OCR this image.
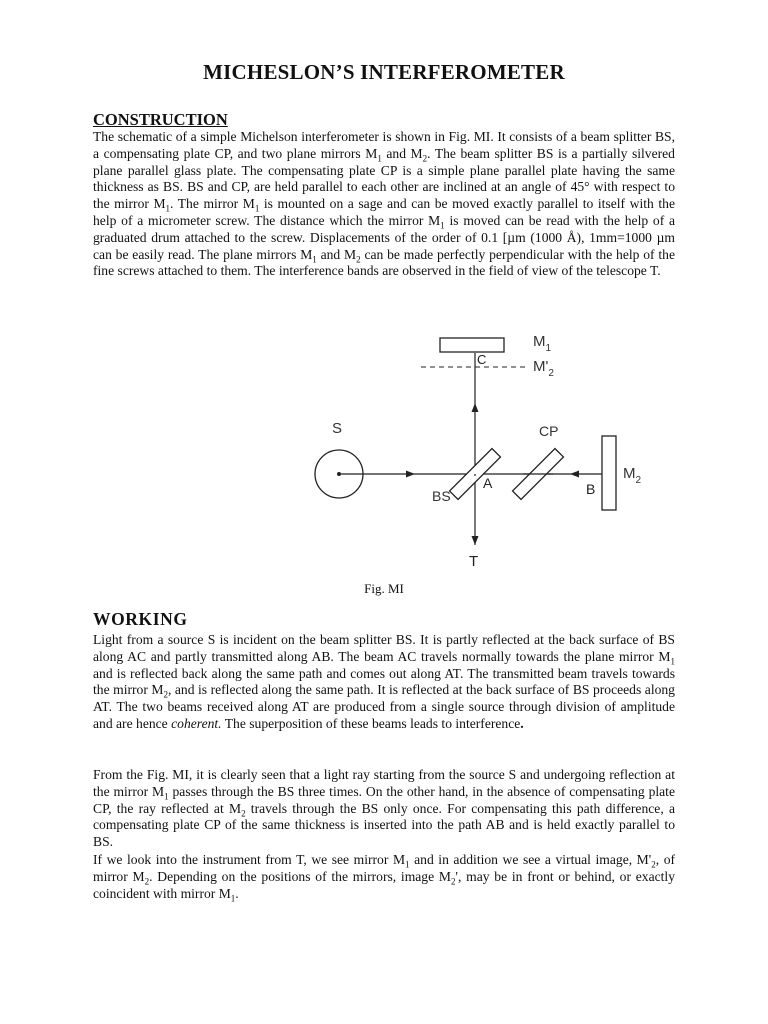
MICHESLON’S INTERFEROMETER
CONSTRUCTION

The schematic of a simple Michelson interferometer is shown in Fig. MI. It consists of a beam splitter BS, a compensating plate CP, and two plane mirrors $M_1$ and $M_2$. The beam splitter BS is a partially silvered plane parallel glass plate. The compensating plate CP is a simple plane parallel plate having the same thickness as BS. BS and CP, are held parallel to each other are inclined at an angle of 45° with respect to the mirror $M_1$. The mirror $M_1$ is mounted on a sage and can be moved exactly parallel to itself with the help of a micrometer screw. The distance which the mirror $M_1$ is moved can be read with the help of a graduated drum attached to the screw. Displacements of the order of 0.1 [µm (1000 Å), 1mm=1000 µm can be easily read. The plane mirrors $M_1$ and $M_2$ can be made perfectly perpendicular with the help of the fine screws attached to them. The interference bands are observed in the field of view of the telescope T.

$M_1$
$M'_2$
C
S	CP
BS
A	B
$M_2$
T

Fig. MI

WORKING

Light from a source S is incident on the beam splitter BS. It is partly reflected at the back surface of BS along AC and partly transmitted along AB. The beam AC travels normally towards the plane mirror $M_1$ and is reflected back along the same path and comes out along AT. The transmitted beam travels towards the mirror $M_2$, and is reflected along the same path. It is reflected at the back surface of BS proceeds along AT. The two beams received along AT are produced from a single source through division of amplitude and are hence coherent. The superposition of these beams leads to interference.

From the Fig. MI, it is clearly seen that a light ray starting from the source S and undergoing reflection at the mirror $M_1$ passes through the BS three times. On the other hand, in the absence of compensating plate CP, the ray reflected at $M_2$ travels through the BS only once. For compensating this path difference, a compensating plate CP of the same thickness is inserted into the path AB and is held exactly parallel to BS.

If we look into the instrument from T, we see mirror $M_1$ and in addition we see a virtual image, $M'_2$, of mirror $M_2$. Depending on the positions of the mirrors, image $M_2'$, may be in front or behind, or exactly coincident with mirror $M_1$.
